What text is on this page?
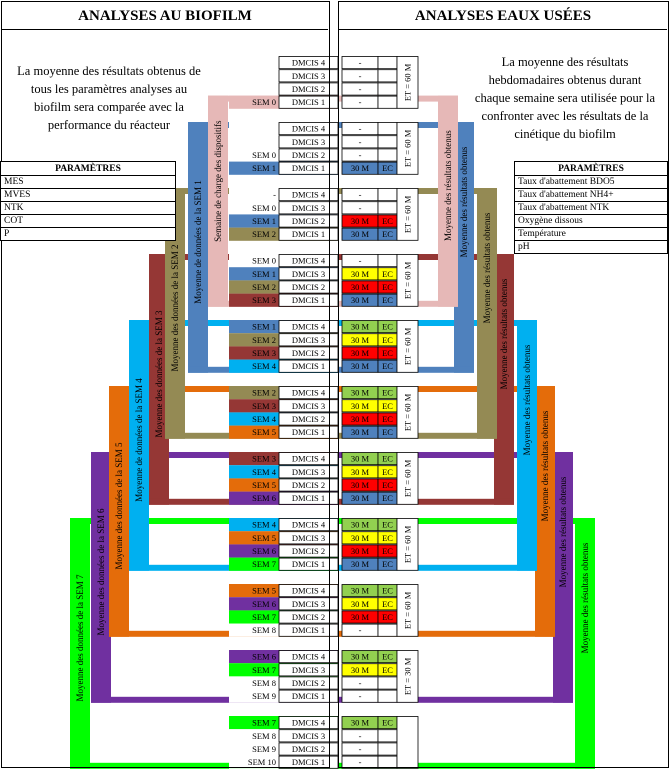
DMCIS 4	-
DMCIS 3	-
DMCIS 2	-
SEM 0 DMCIS 1	-
ET = 60 M
DMCIS 4	-
DMCIS 3	-
SEM 0 DMCIS 2	-
SEM 1 DMCIS 1	30 M EC
ET = 60 M
- DMCIS 4	-
SEM 0 DMCIS 3	-
SEM 1 DMCIS 2	30 M EC
SEM 2 DMCIS 1	30 M EC
ET = 60 M
SEM 0 DMCIS 4	-
SEM 1 DMCIS 3	30 M EC
SEM 2 DMCIS 2	30 M EC
SEM 3 DMCIS 1	30 M EC
ET = 60 M
SEM 1 DMCIS 4	30 M EC
SEM 2 DMCIS 3	30 M EC
SEM 3 DMCIS 2	30 M EC
SEM 4 DMCIS 1	30 M EC
ET = 60 M
SEM 2 DMCIS 4	30 M EC
SEM 3 DMCIS 3	30 M EC
SEM 4 DMCIS 2	30 M EC
SEM 5 DMCIS 1	30 M EC
ET = 60 M
SEM 3 DMCIS 4	30 M EC
SEM 4 DMCIS 3	30 M EC
SEM 5 DMCIS 2	30 M EC
SEM 6 DMCIS 1	30 M EC
ET = 60 M
SEM 4 DMCIS 4	30 M EC
SEM 5 DMCIS 3	30 M EC
SEM 6 DMCIS 2	30 M EC
SEM 7 DMCIS 1	30 M EC
ET = 60 M
SEM 5 DMCIS 4	30 M EC
SEM 6 DMCIS 3	30 M EC
SEM 7 DMCIS 2	30 M EC
SEM 8 DMCIS 1	-
ET = 60 M
SEM 6 DMCIS 4	30 M EC
SEM 7 DMCIS 3	30 M EC
SEM 8 DMCIS 2	-
SEM 9 DMCIS 1	-
ET = 30 M
SEM 7 DMCIS 4	30 M EC
SEM 8 DMCIS 3	-
SEM 9 DMCIS 2	-
SEM 10 DMCIS 1	-
Semaine de charge des dispositifs
Moyenne de données de la SEM 1	Moyenne des résultats obtenus
Moyenne des données de la SEM 2	Moyenne des résultats obtenus
Moyenne des données de la SEM 3	Moyenne des résultats obtenus
Moyenne de données de la SEM 4	Moyenne des résultats obtenus
Moyenne des données de la SEM 5	Moyenne des résultats obtenus
Moyenne des données de la SEM 6	Moyenne des résultats obtenus
Moyenne des données de la SEM 7	Moyenne des résultats obtenus
Moyenne des résultats obtenus
ANALYSES AU BIOFILM	ANALYSES EAUX USÉES
La moyenne des résultats obtenus de
tous les paramètres analyses au
biofilm sera comparée avec la
performance du réacteur
La moyenne des résultats
hebdomadaires obtenus durant
chaque semaine sera utilisée pour la
confronter avec les résultats de la
cinétique du biofilm
PARAMÈTRES
MES
MVES
NTK
COT
P
PARAMÈTRES
Taux d'abattement BDO5
Taux d'abattement NH4+
Taux d'abattement NTK
Oxygène dissous
Température
pH
